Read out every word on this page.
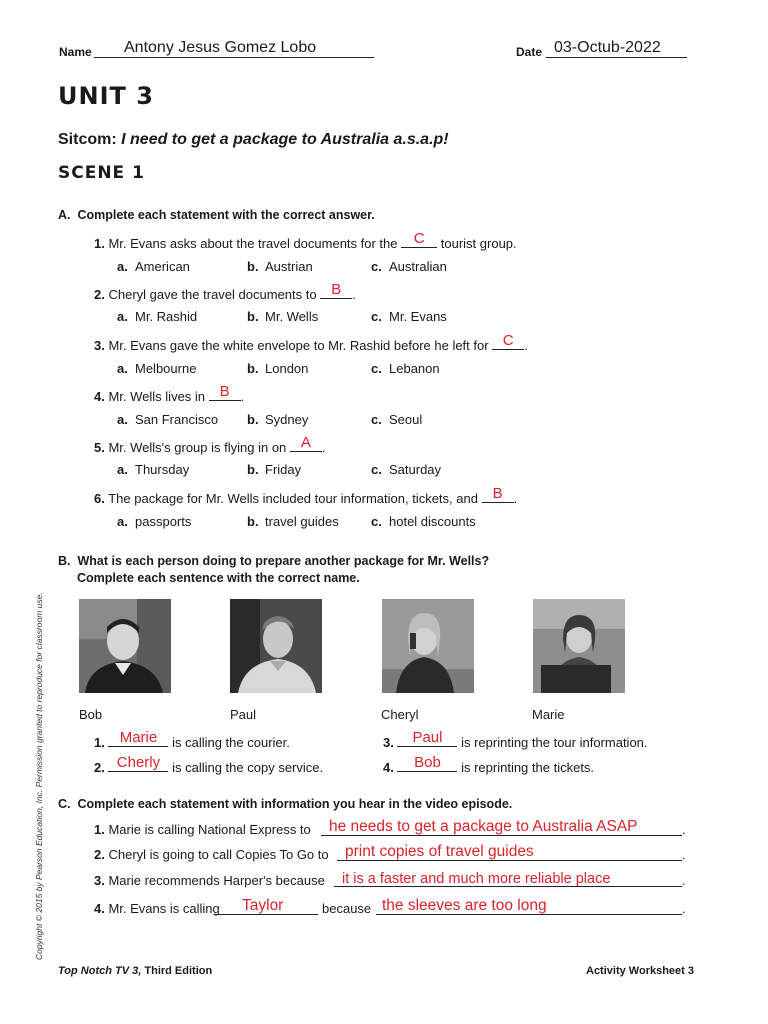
Name Antony Jesus Gomez Lobo	Date 03-Octub-2022
UNIT 3
Sitcom: I need to get a package to Australia a.s.a.p!
SCENE 1
A. Complete each statement with the correct answer.
1. Mr. Evans asks about the travel documents for the	C	tourist group.
a. American	b. Austrian	c. Australian
2. Cheryl gave the travel documents to B .
a. Mr. Rashid	b. Mr. Wells	c. Mr. Evans
3. Mr. Evans gave the white envelope to Mr. Rashid before he left for C .
a. Melbourne	b. London	c. Lebanon
4. Mr. Wells lives in B .
a. San Francisco b. Sydney	c. Seoul
5. Mr. Wells's group is flying in on A .
a. Thursday	b. Friday	c. Saturday
6. The package for Mr. Wells included tour information, tickets, and B .
a. passports	b. travel guides c. hotel discounts
B. What is each person doing to prepare another package for Mr. Wells?
Complete each sentence with the correct name.
Bob	Paul	Cheryl	Marie
1. Marie	is calling the courier.
2. Cherly is calling the copy service.
3.	Paul	is reprinting the tour information.
4.	Bob	is reprinting the tickets.
C. Complete each statement with information you hear in the video episode.
1. Marie is calling National Express to he needs to get a package to Australia ASAP	.
2. Cheryl is going to call Copies To Go to print copies of travel guides	.
3. Marie recommends Harper's because it is a faster and much more reliable place	.
4. Mr. Evans is calling Taylor	because the sleeves are too long	.
Copyright © 2015 by Pearson Education, Inc. Permission granted to reproduce for classroom use.
Top Notch TV 3, Third Edition	Activity Worksheet 3
